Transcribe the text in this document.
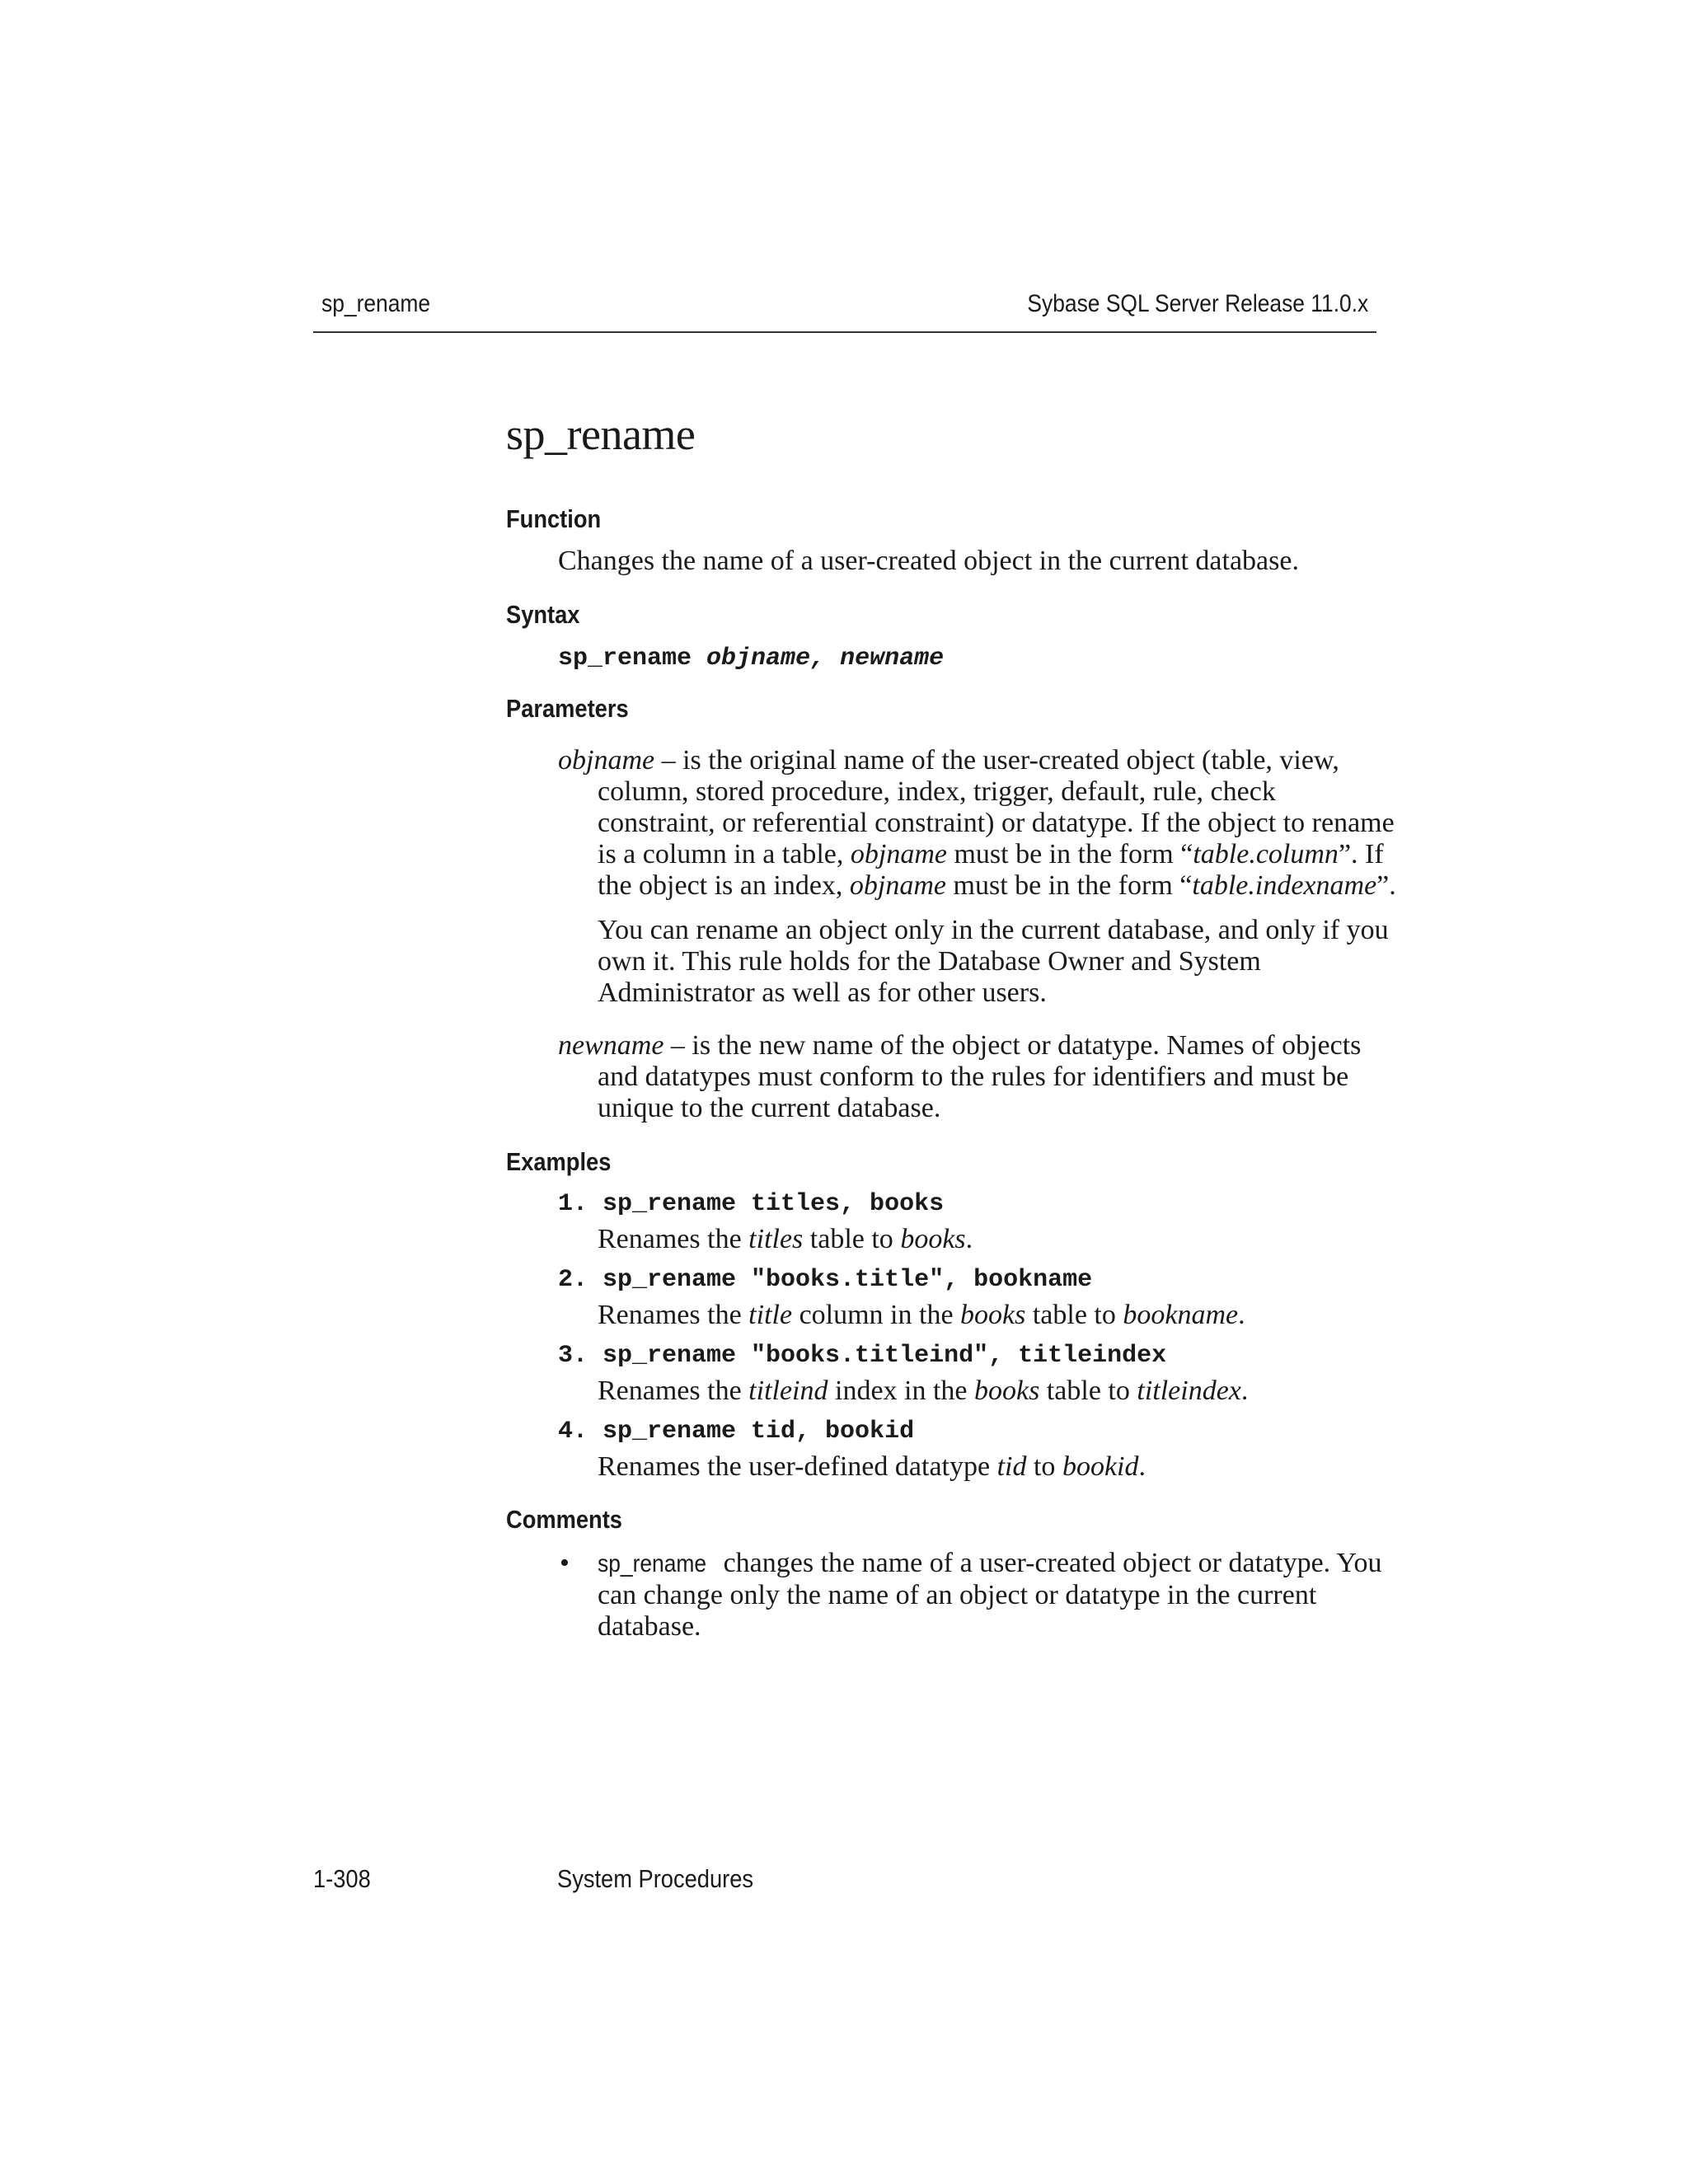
sp_rename	Sybase SQL Server Release 11.0.x
sp_rename
Function

Changes the name of a user-created object in the current database.

Syntax

sp_rename objname, newname

Parameters

objname – is the original name of the user-created object (table, view, column, stored procedure, index, trigger, default, rule, check constraint, or referential constraint) or datatype. If the object to rename is a column in a table, objname must be in the form “table.column”. If the object is an index, objname must be in the form “table.indexname”.

You can rename an object only in the current database, and only if you own it. This rule holds for the Database Owner and System Administrator as well as for other users.

newname – is the new name of the object or datatype. Names of objects and datatypes must conform to the rules for identifiers and must be unique to the current database.

Examples

1. sp_rename titles, books

Renames the titles table to books.

2. sp_rename "books.title", bookname

Renames the title column in the books table to bookname.

3. sp_rename "books.titleind", titleindex

Renames the titleind index in the books table to titleindex.

4. sp_rename tid, bookid

Renames the user-defined datatype tid to bookid.

Comments

• sp_rename changes the name of a user-created object or datatype. You can change only the name of an object or datatype in the current database.

1-308	System Procedures
